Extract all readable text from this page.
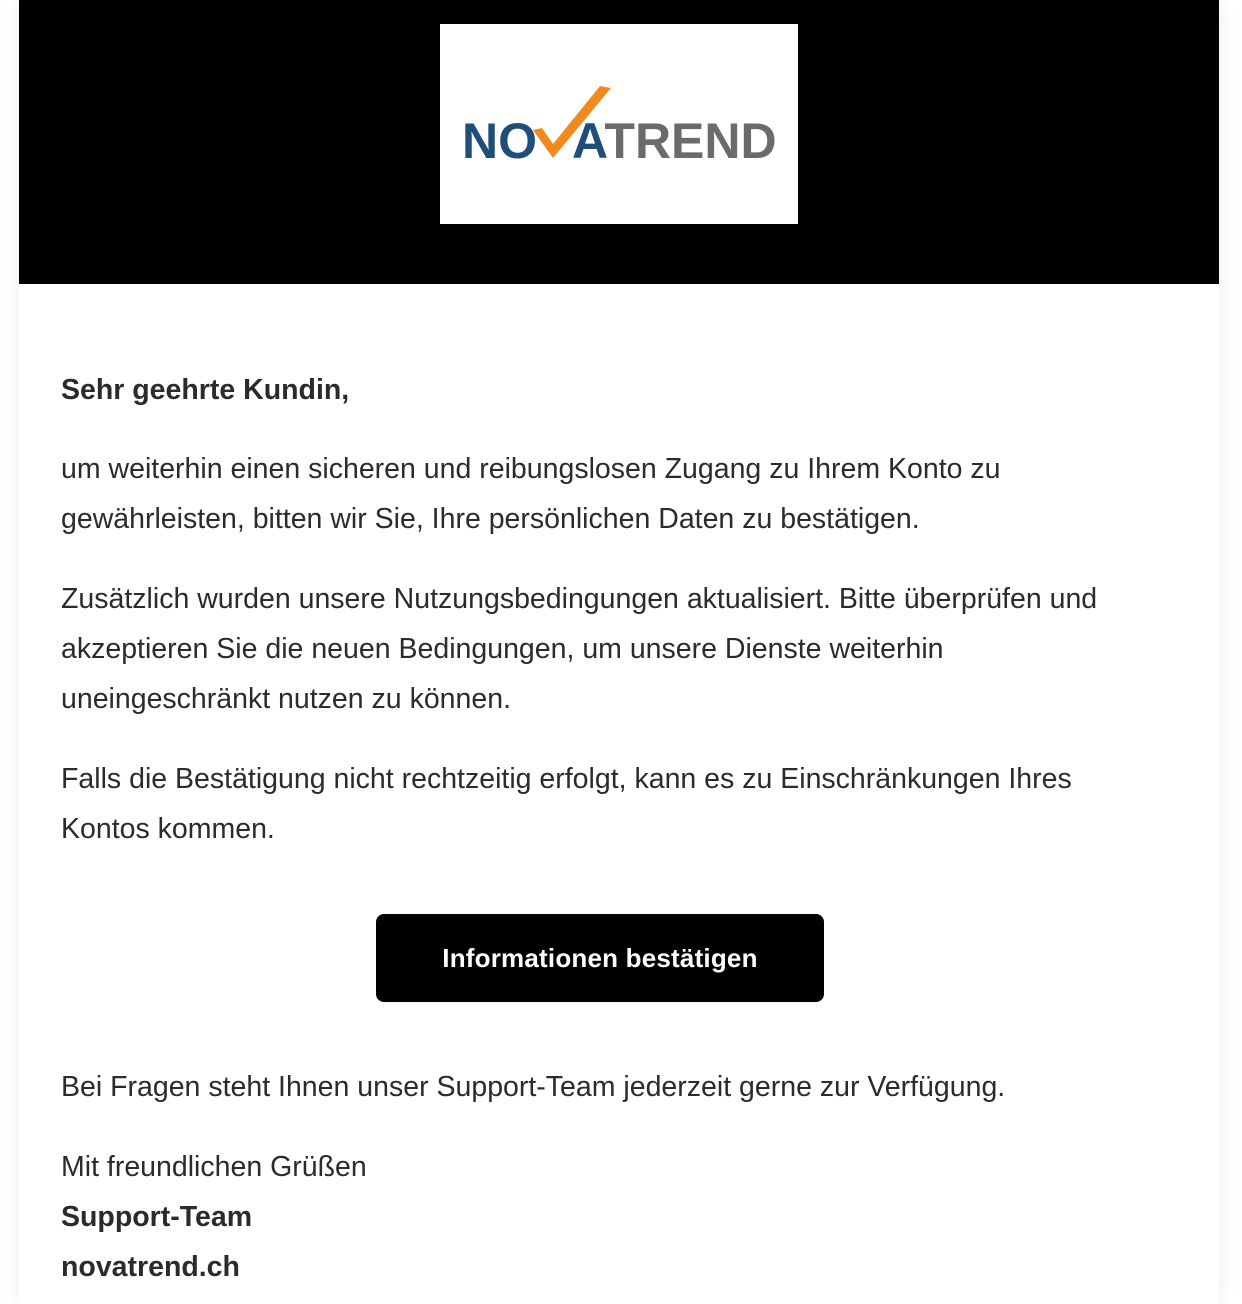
NO ATREND

Sehr geehrte Kundin,

um weiterhin einen sicheren und reibungslosen Zugang zu Ihrem Konto zu gewährleisten, bitten wir Sie, Ihre persönlichen Daten zu bestätigen.

Zusätzlich wurden unsere Nutzungsbedingungen aktualisiert. Bitte überprüfen und akzeptieren Sie die neuen Bedingungen, um unsere Dienste weiterhin uneingeschränkt nutzen zu können.

Falls die Bestätigung nicht rechtzeitig erfolgt, kann es zu Einschränkungen Ihres Kontos kommen.

Informationen bestätigen

Bei Fragen steht Ihnen unser Support-Team jederzeit gerne zur Verfügung.

Mit freundlichen Grüßen

Support-Team

novatrend.ch
